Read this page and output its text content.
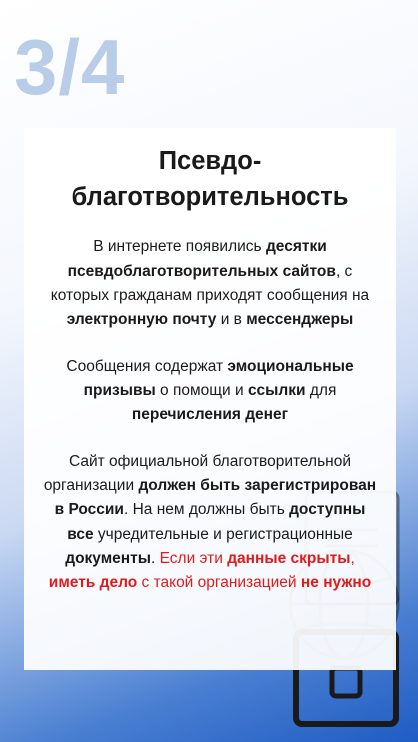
3/4
Псевдо-благотворительность

В интернете появились десятки псевдоблаготворительных сайтов, с которых гражданам приходят сообщения на электронную почту и в мессенджеры

Сообщения содержат эмоциональные призывы о помощи и ссылки для перечисления денег

Сайт официальной благотворительной организации должен быть зарегистрирован в России. На нем должны быть доступны все учредительные и регистрационные документы. Если эти данные скрыты, иметь дело с такой организацией не нужно
